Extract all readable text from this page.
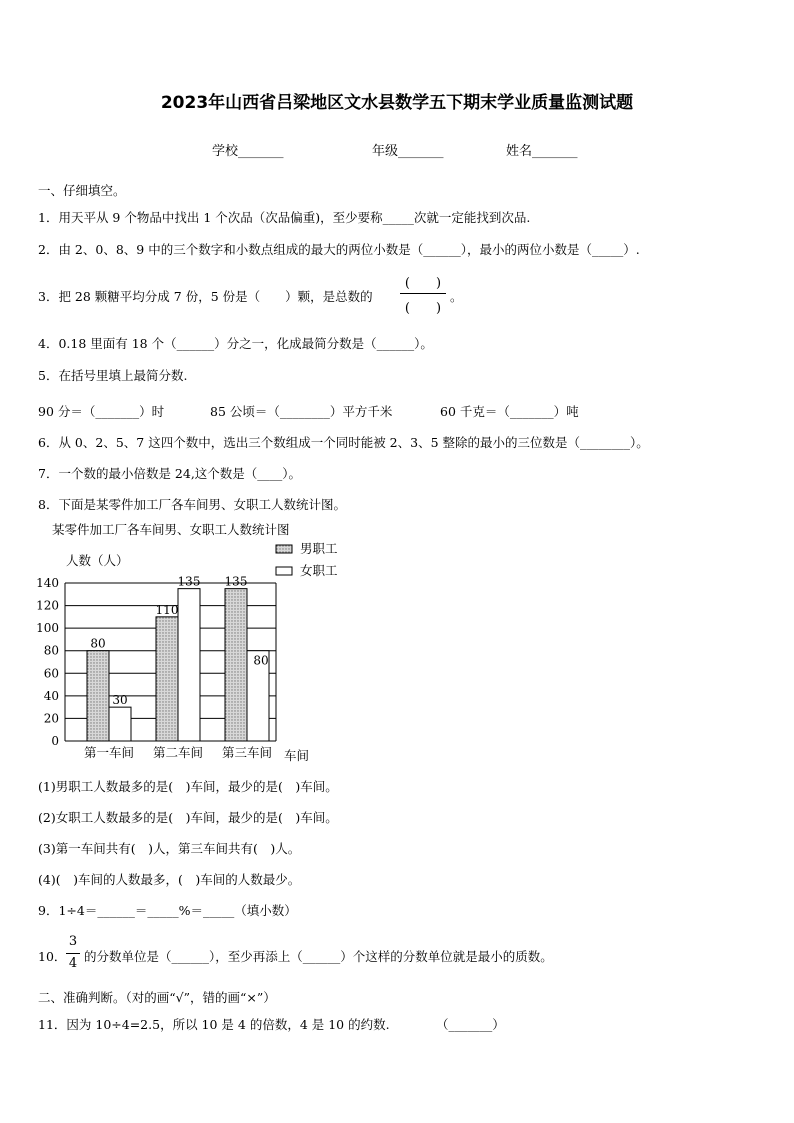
2023年山西省吕梁地区文水县数学五下期末学业质量监测试题
学校_______	年级_______	姓名_______
一、仔细填空。
1．用天平从 9 个物品中找出 1 个次品（次品偏重)，至少要称_____次就一定能找到次品.
2．由 2、0、8、9 中的三个数字和小数点组成的最大的两位小数是（______），最小的两位小数是（_____）.
3．把 28 颗糖平均分成 7 份，5 份是（　　）颗，是总数的
(　　)
(　　)
。
4．0.18 里面有 18 个（______）分之一，化成最简分数是（______）。
5．在括号里填上最简分数.
90 分＝（_______）时	85 公顷＝（________）平方千米	60 千克＝（_______）吨
6．从 0、2、5、7 这四个数中，选出三个数组成一个同时能被 2、3、5 整除的最小的三位数是（________）。
7．一个数的最小倍数是 24,这个数是（____）。
8．下面是某零件加工厂各车间男、女职工人数统计图。
某零件加工厂各车间男、女职工人数统计图
人数（人）
男职工
女职工
0
20
40
60
80
100
120
140
80
30
第一车间
110
135
第二车间
135
80
第三车间 车间
(1)男职工人数最多的是(　)车间，最少的是(　)车间。
(2)女职工人数最多的是(　)车间，最少的是(　)车间。
(3)第一车间共有(　)人，第三车间共有(　)人。
(4)(　)车间的人数最多，(　)车间的人数最少。
9．1÷4＝______＝_____%＝_____（填小数）
10．
3
4 的分数单位是（______），至少再添上（______）个这样的分数单位就是最小的质数。
二、准确判断。（对的画“√”，错的画“×”）
11．因为 10÷4=2.5，所以 10 是 4 的倍数，4 是 10 的约数.	（_______）
